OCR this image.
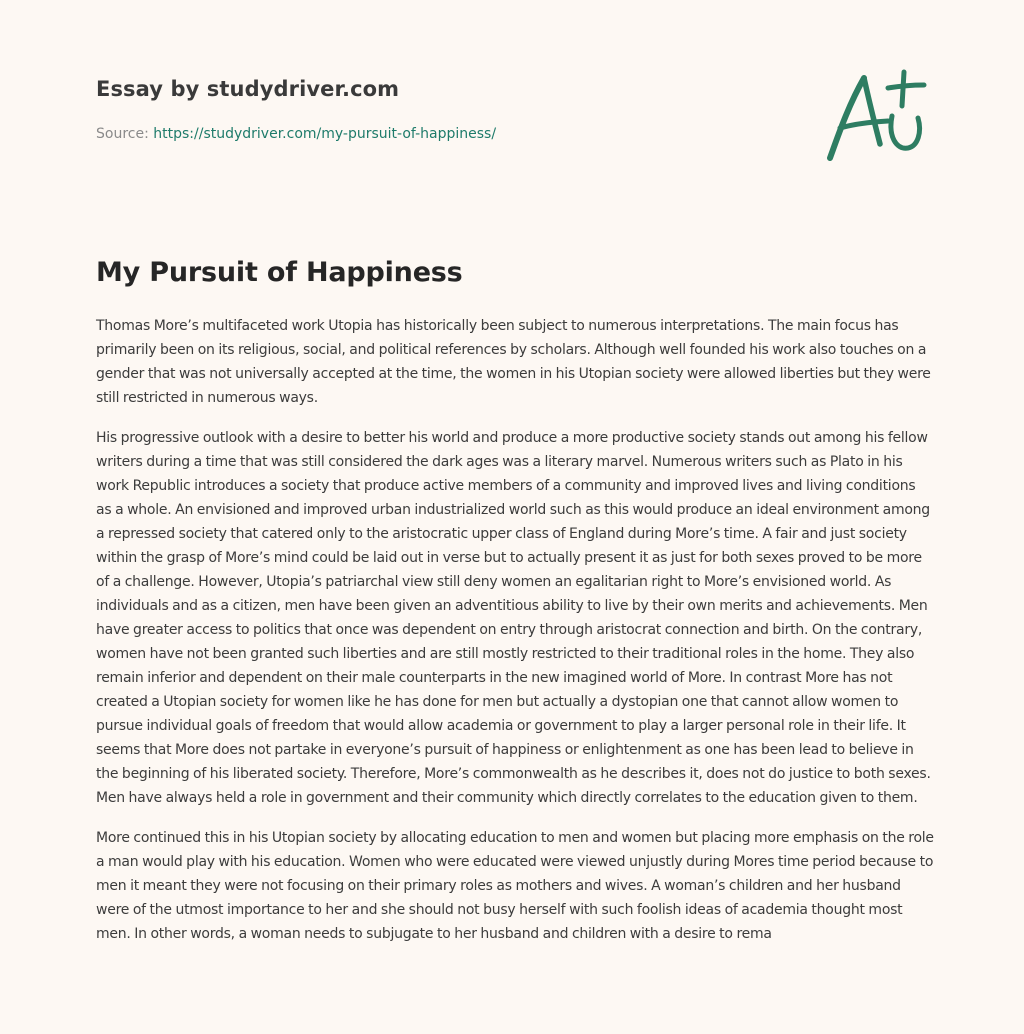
Essay by studydriver.com
Source: https://studydriver.com/my-pursuit-of-happiness/
My Pursuit of Happiness

Thomas More’s multifaceted work Utopia has historically been subject to numerous interpretations. The main focus has primarily been on its religious, social, and political references by scholars. Although well founded his work also touches on a gender that was not universally accepted at the time, the women in his Utopian society were allowed liberties but they were still restricted in numerous ways.

His progressive outlook with a desire to better his world and produce a more productive society stands out among his fellow writers during a time that was still considered the dark ages was a literary marvel. Numerous writers such as Plato in his work Republic introduces a society that produce active members of a community and improved lives and living conditions as a whole. An envisioned and improved urban industrialized world such as this would produce an ideal environment among a repressed society that catered only to the aristocratic upper class of England during More’s time. A fair and just society within the grasp of More’s mind could be laid out in verse but to actually present it as just for both sexes proved to be more of a challenge. However, Utopia’s patriarchal view still deny women an egalitarian right to More’s envisioned world. As individuals and as a citizen, men have been given an adventitious ability to live by their own merits and achievements. Men have greater access to politics that once was dependent on entry through aristocrat connection and birth. On the contrary, women have not been granted such liberties and are still mostly restricted to their traditional roles in the home. They also remain inferior and dependent on their male counterparts in the new imagined world of More. In contrast More has not created a Utopian society for women like he has done for men but actually a dystopian one that cannot allow women to pursue individual goals of freedom that would allow academia or government to play a larger personal role in their life. It seems that More does not partake in everyone’s pursuit of happiness or enlightenment as one has been lead to believe in the beginning of his liberated society. Therefore, More’s commonwealth as he describes it, does not do justice to both sexes. Men have always held a role in government and their community which directly correlates to the education given to them.

More continued this in his Utopian society by allocating education to men and women but placing more emphasis on the role a man would play with his education. Women who were educated were viewed unjustly during Mores time period because to men it meant they were not focusing on their primary roles as mothers and wives. A woman’s children and her husband were of the utmost importance to her and she should not busy herself with such foolish ideas of academia thought most men. In other words, a woman needs to subjugate to her husband and children with a desire to rema
